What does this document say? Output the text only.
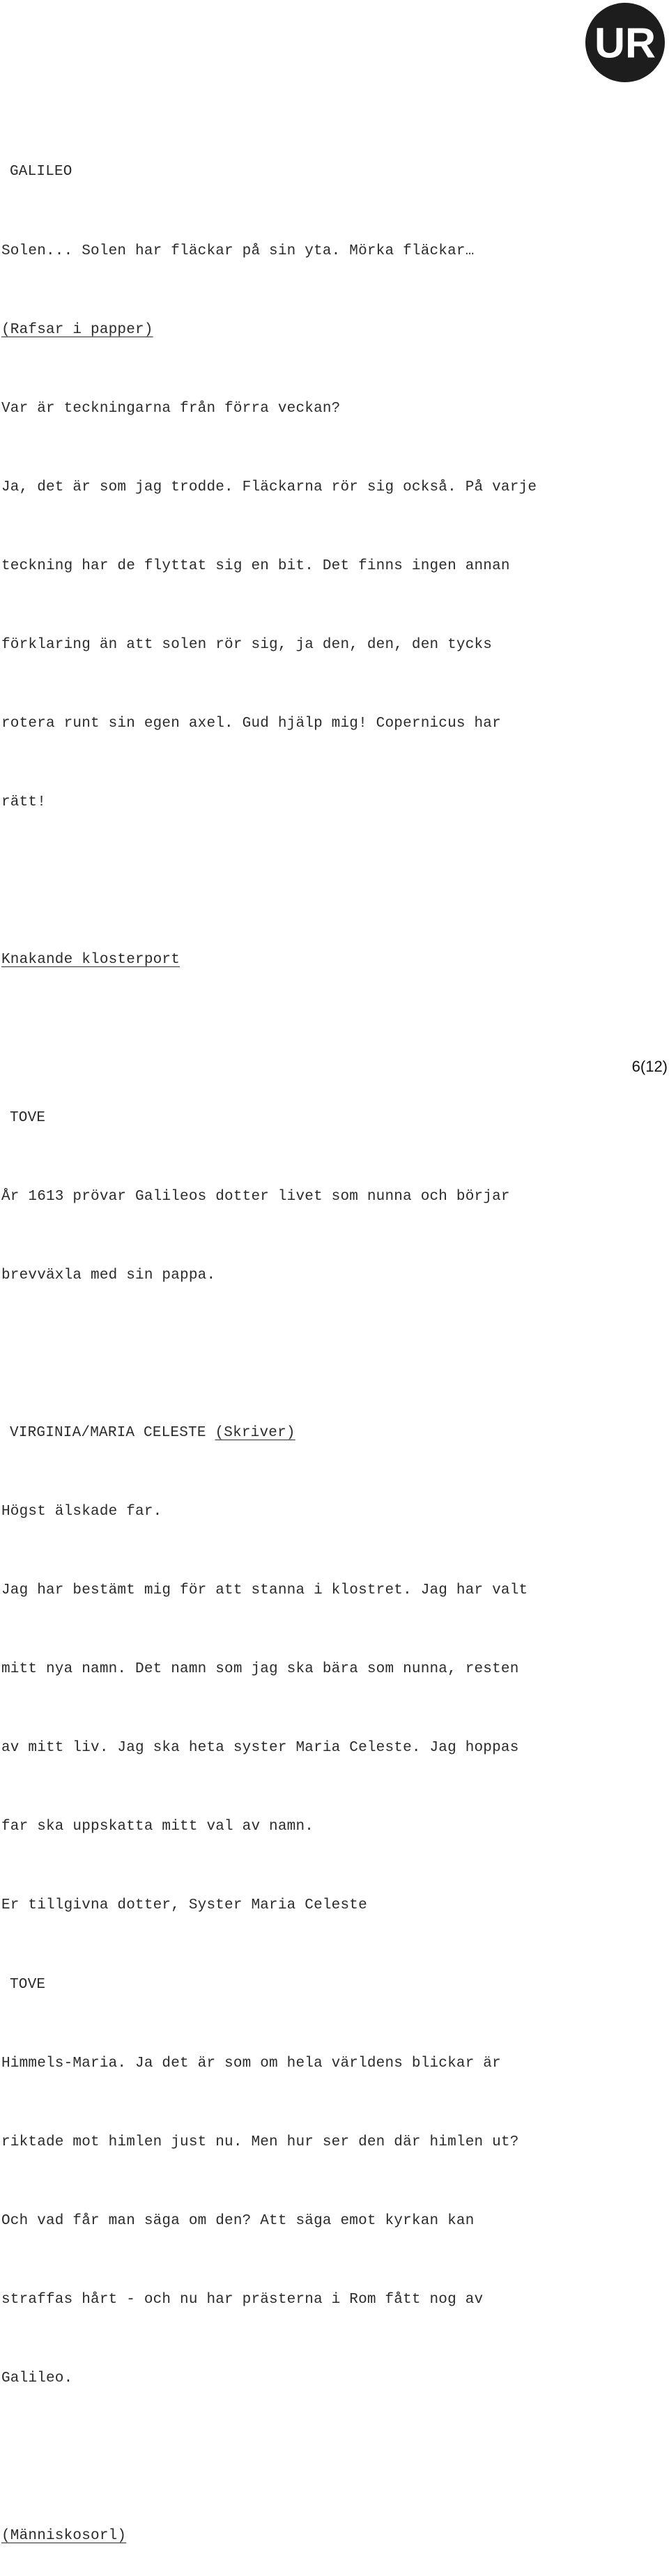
UR

GALILEO

Solen... Solen har fläckar på sin yta. Mörka fläckar…

(Rafsar i papper)

Var är teckningarna från förra veckan?

Ja, det är som jag trodde. Fläckarna rör sig också. På varje

teckning har de flyttat sig en bit. Det finns ingen annan

förklaring än att solen rör sig, ja den, den, den tycks

rotera runt sin egen axel. Gud hjälp mig! Copernicus har

rätt!

Knakande klosterport

TOVE

År 1613 prövar Galileos dotter livet som nunna och börjar

brevväxla med sin pappa.

VIRGINIA/MARIA CELESTE (Skriver)

Högst älskade far.

Jag har bestämt mig för att stanna i klostret. Jag har valt

mitt nya namn. Det namn som jag ska bära som nunna, resten

av mitt liv. Jag ska heta syster Maria Celeste. Jag hoppas

far ska uppskatta mitt val av namn.

Er tillgivna dotter, Syster Maria Celeste

TOVE

Himmels-Maria. Ja det är som om hela världens blickar är

riktade mot himlen just nu. Men hur ser den där himlen ut?

Och vad får man säga om den? Att säga emot kyrkan kan

straffas hårt - och nu har prästerna i Rom fått nog av

Galileo.

(Människosorl)

6(12)
